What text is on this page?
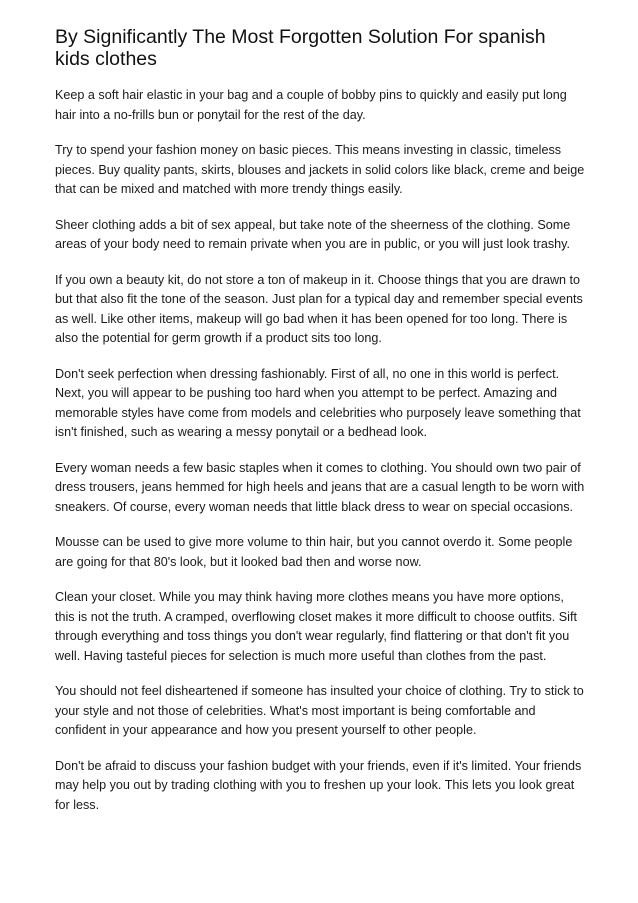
By Significantly The Most Forgotten Solution For spanish kids clothes

Keep a soft hair elastic in your bag and a couple of bobby pins to quickly and easily put long hair into a no-frills bun or ponytail for the rest of the day.

Try to spend your fashion money on basic pieces. This means investing in classic, timeless pieces. Buy quality pants, skirts, blouses and jackets in solid colors like black, creme and beige that can be mixed and matched with more trendy things easily.

Sheer clothing adds a bit of sex appeal, but take note of the sheerness of the clothing. Some areas of your body need to remain private when you are in public, or you will just look trashy.

If you own a beauty kit, do not store a ton of makeup in it. Choose things that you are drawn to but that also fit the tone of the season. Just plan for a typical day and remember special events as well. Like other items, makeup will go bad when it has been opened for too long. There is also the potential for germ growth if a product sits too long.

Don't seek perfection when dressing fashionably. First of all, no one in this world is perfect. Next, you will appear to be pushing too hard when you attempt to be perfect. Amazing and memorable styles have come from models and celebrities who purposely leave something that isn't finished, such as wearing a messy ponytail or a bedhead look.

Every woman needs a few basic staples when it comes to clothing. You should own two pair of dress trousers, jeans hemmed for high heels and jeans that are a casual length to be worn with sneakers. Of course, every woman needs that little black dress to wear on special occasions.

Mousse can be used to give more volume to thin hair, but you cannot overdo it. Some people are going for that 80's look, but it looked bad then and worse now.

Clean your closet. While you may think having more clothes means you have more options, this is not the truth. A cramped, overflowing closet makes it more difficult to choose outfits. Sift through everything and toss things you don't wear regularly, find flattering or that don't fit you well. Having tasteful pieces for selection is much more useful than clothes from the past.

You should not feel disheartened if someone has insulted your choice of clothing. Try to stick to your style and not those of celebrities. What's most important is being comfortable and confident in your appearance and how you present yourself to other people.

Don't be afraid to discuss your fashion budget with your friends, even if it's limited. Your friends may help you out by trading clothing with you to freshen up your look. This lets you look great for less.
